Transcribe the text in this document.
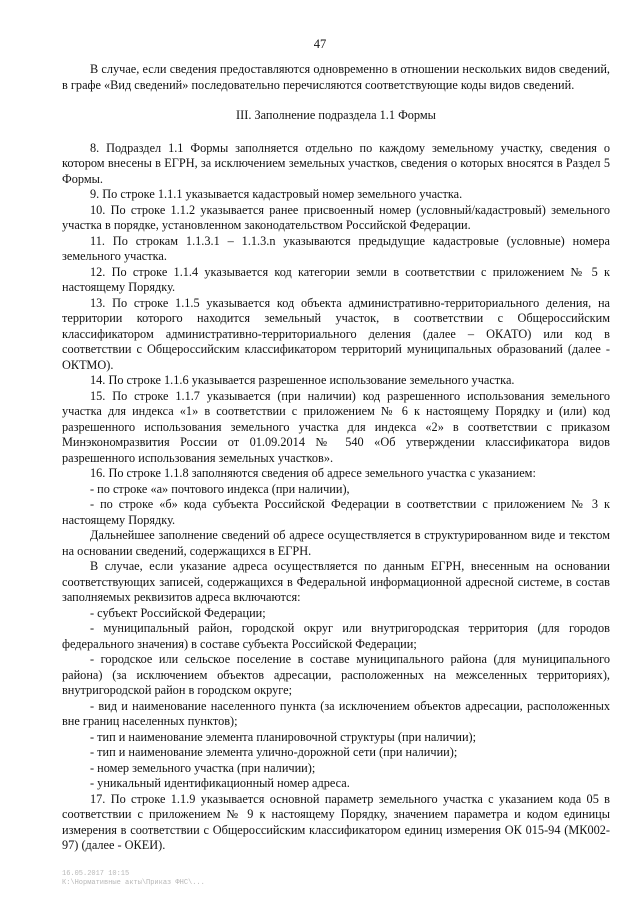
47

В случае, если сведения предоставляются одновременно в отношении нескольких видов сведений, в графе «Вид сведений» последовательно перечисляются соответствующие коды видов сведений.

III. Заполнение подраздела 1.1 Формы

8. Подраздел 1.1 Формы заполняется отдельно по каждому земельному участку, сведения о котором внесены в ЕГРН, за исключением земельных участков, сведения о которых вносятся в Раздел 5 Формы.

9. По строке 1.1.1 указывается кадастровый номер земельного участка.

10. По строке 1.1.2 указывается ранее присвоенный номер (условный/кадастровый) земельного участка в порядке, установленном законодательством Российской Федерации.

11. По строкам 1.1.3.1 – 1.1.3.n указываются предыдущие кадастровые (условные) номера земельного участка.

12. По строке 1.1.4 указывается код категории земли в соответствии с приложением № 5 к настоящему Порядку.

13. По строке 1.1.5 указывается код объекта административно-территориального деления, на территории которого находится земельный участок, в соответствии с Общероссийским классификатором административно-территориального деления (далее – ОКАТО) или код в соответствии с Общероссийским классификатором территорий муниципальных образований (далее - ОКТМО).

14. По строке 1.1.6 указывается разрешенное использование земельного участка.

15. По строке 1.1.7 указывается (при наличии) код разрешенного использования земельного участка для индекса «1» в соответствии с приложением № 6 к настоящему Порядку и (или) код разрешенного использования земельного участка для индекса «2» в соответствии с приказом Минэкономразвития России от 01.09.2014 № 540 «Об утверждении классификатора видов разрешенного использования земельных участков».

16. По строке 1.1.8 заполняются сведения об адресе земельного участка с указанием:

- по строке «а» почтового индекса (при наличии),

- по строке «б» кода субъекта Российской Федерации в соответствии с приложением № 3 к настоящему Порядку.

Дальнейшее заполнение сведений об адресе осуществляется в структурированном виде и текстом на основании сведений, содержащихся в ЕГРН.

В случае, если указание адреса осуществляется по данным ЕГРН, внесенным на основании соответствующих записей, содержащихся в Федеральной информационной адресной системе, в состав заполняемых реквизитов адреса включаются:

- субъект Российской Федерации;

- муниципальный район, городской округ или внутригородская территория (для городов федерального значения) в составе субъекта Российской Федерации;

- городское или сельское поселение в составе муниципального района (для муниципального района) (за исключением объектов адресации, расположенных на межселенных территориях), внутригородской район в городском округе;

- вид и наименование населенного пункта (за исключением объектов адресации, расположенных вне границ населенных пунктов);

- тип и наименование элемента планировочной структуры (при наличии);

- тип и наименование элемента улично-дорожной сети (при наличии);

- номер земельного участка (при наличии);

- уникальный идентификационный номер адреса.

17. По строке 1.1.9 указывается основной параметр земельного участка с указанием кода 05 в соответствии с приложением № 9 к настоящему Порядку, значением параметра и кодом единицы измерения в соответствии с Общероссийским классификатором единиц измерения ОК 015-94 (МК002-97) (далее - ОКЕИ).

16.05.2017 10:15
К:\Нормативные акты\Приказ ФНС\...
